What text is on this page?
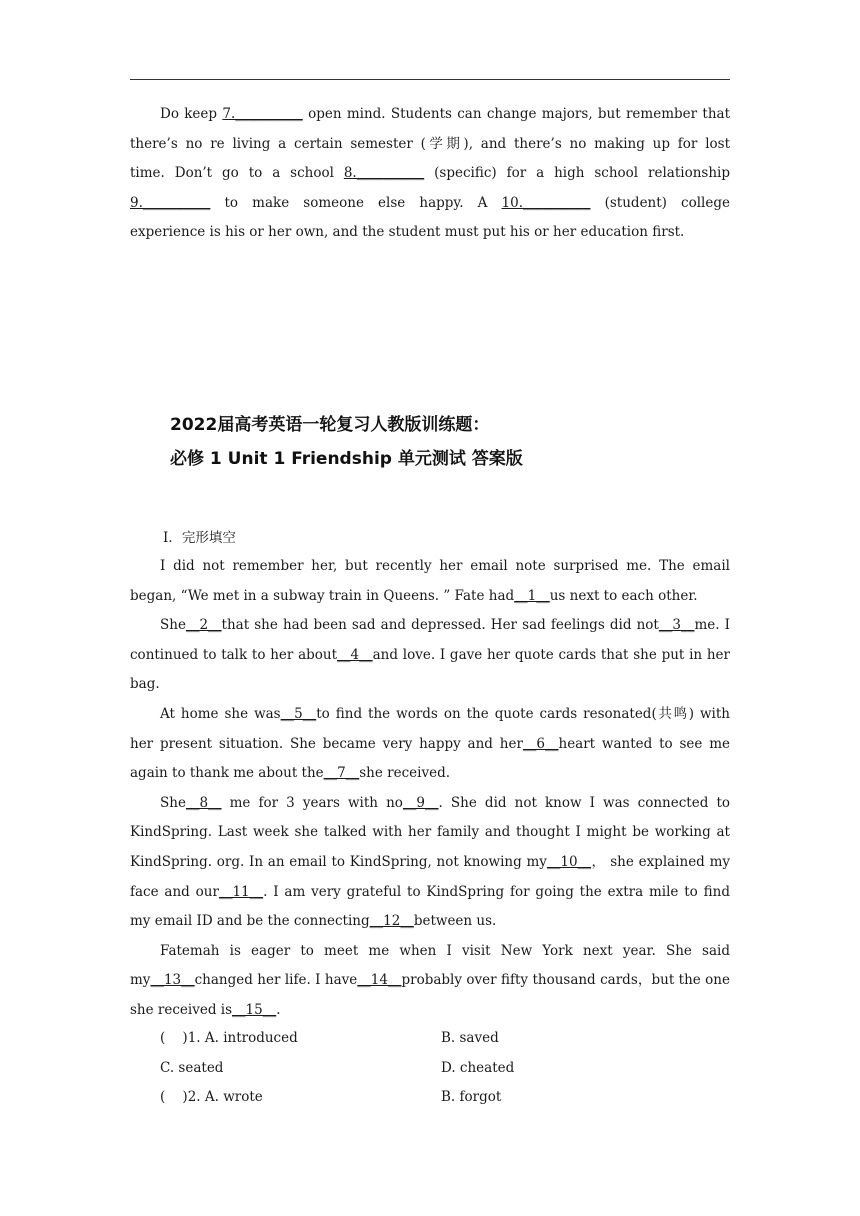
Do keep 7.__________ open mind. Students can change majors, but remember that
there’s no re living a certain semester (学期), and there’s no making up for lost
time. Don’t go to a school 8.__________ (specific) for a high school relationship
9.__________ to make someone else happy. A 10.__________ (student) college
experience is his or her own, and the student must put his or her education first.
2022届高考英语一轮复习人教版训练题：
必修 1 Unit 1 Friendship 单元测试 答案版
Ⅰ．完形填空
I did not remember her, but recently her email note surprised me. The email began, “We met in a subway train in Queens. ” Fate had__1__us next to each other.
She__2__that she had been sad and depressed. Her sad feelings did not__3__me. I continued to talk to her about__4__and love. I gave her quote cards that she put in her bag.
At home she was__5__to find the words on the quote cards resonated(共鸣) with her present situation. She became very happy and her__6__heart wanted to see me again to thank me about the__7__she received.
She__8__ me for 3 years with no__9__. She did not know I was connected to KindSpring. Last week she talked with her family and thought I might be working at KindSpring. org. In an email to KindSpring, not knowing my__10__， she explained my face and our__11__. I am very grateful to KindSpring for going the extra mile to find my email ID and be the connecting__12__between us.
Fatemah is eager to meet me when I visit New York next year. She said my__13__changed her life. I have__14__probably over fifty thousand cards，but the one she received is__15__.
(    )1. A. introduced	B. saved
C. seated	D. cheated
(    )2. A. wrote	B. forgot
